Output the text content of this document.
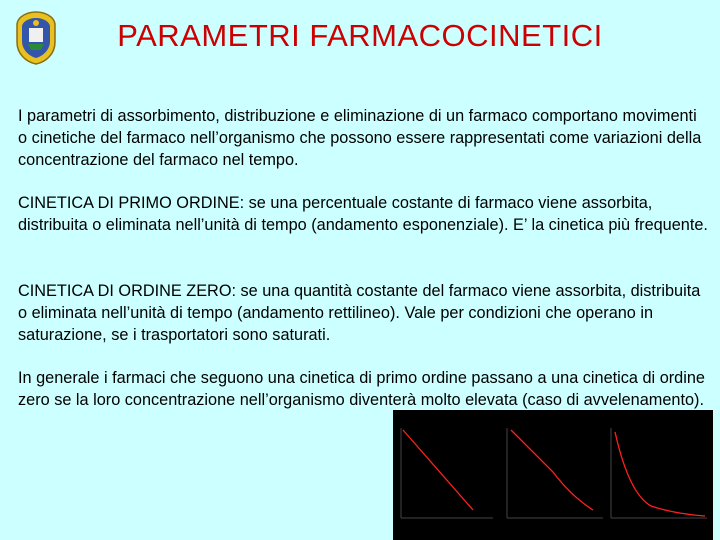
PARAMETRI FARMACOCINETICI

I parametri di assorbimento, distribuzione e eliminazione di un farmaco comportano movimenti o cinetiche del farmaco nell’organismo che possono essere rappresentati come variazioni della concentrazione del farmaco nel tempo.

CINETICA DI PRIMO ORDINE: se una percentuale costante di farmaco viene assorbita, distribuita o eliminata nell’unità di tempo (andamento esponenziale). E’ la cinetica più frequente.

CINETICA DI ORDINE ZERO: se una quantità costante del farmaco viene assorbita, distribuita o eliminata nell’unità di tempo (andamento rettilineo). Vale per condizioni che operano in saturazione, se i trasportatori sono saturati.

In generale i farmaci che seguono una cinetica di primo ordine passano a una cinetica di ordine zero se la loro concentrazione nell’organismo diventerà molto elevata (caso di avvelenamento).
